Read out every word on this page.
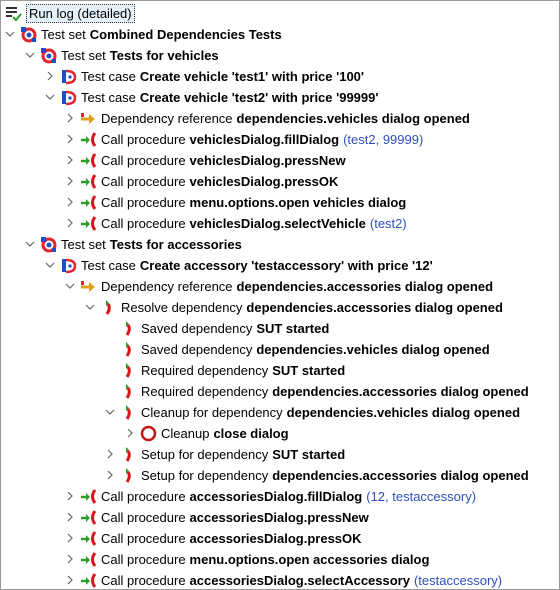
Run log (detailed)
Test set Combined Dependencies Tests
Test set Tests for vehicles
Test case Create vehicle 'test1' with price '100'
Test case Create vehicle 'test2' with price '99999'
Dependency reference dependencies.vehicles dialog opened
Call procedure vehiclesDialog.fillDialog (test2, 99999)
Call procedure vehiclesDialog.pressNew
Call procedure vehiclesDialog.pressOK
Call procedure menu.options.open vehicles dialog
Call procedure vehiclesDialog.selectVehicle (test2)
Test set Tests for accessories
Test case Create accessory 'testaccessory' with price '12'
Dependency reference dependencies.accessories dialog opened
Resolve dependency dependencies.accessories dialog opened
Saved dependency SUT started
Saved dependency dependencies.vehicles dialog opened
Required dependency SUT started
Required dependency dependencies.accessories dialog opened
Cleanup for dependency dependencies.vehicles dialog opened
Cleanup close dialog
Setup for dependency SUT started
Setup for dependency dependencies.accessories dialog opened
Call procedure accessoriesDialog.fillDialog (12, testaccessory)
Call procedure accessoriesDialog.pressNew
Call procedure accessoriesDialog.pressOK
Call procedure menu.options.open accessories dialog
Call procedure accessoriesDialog.selectAccessory (testaccessory)
